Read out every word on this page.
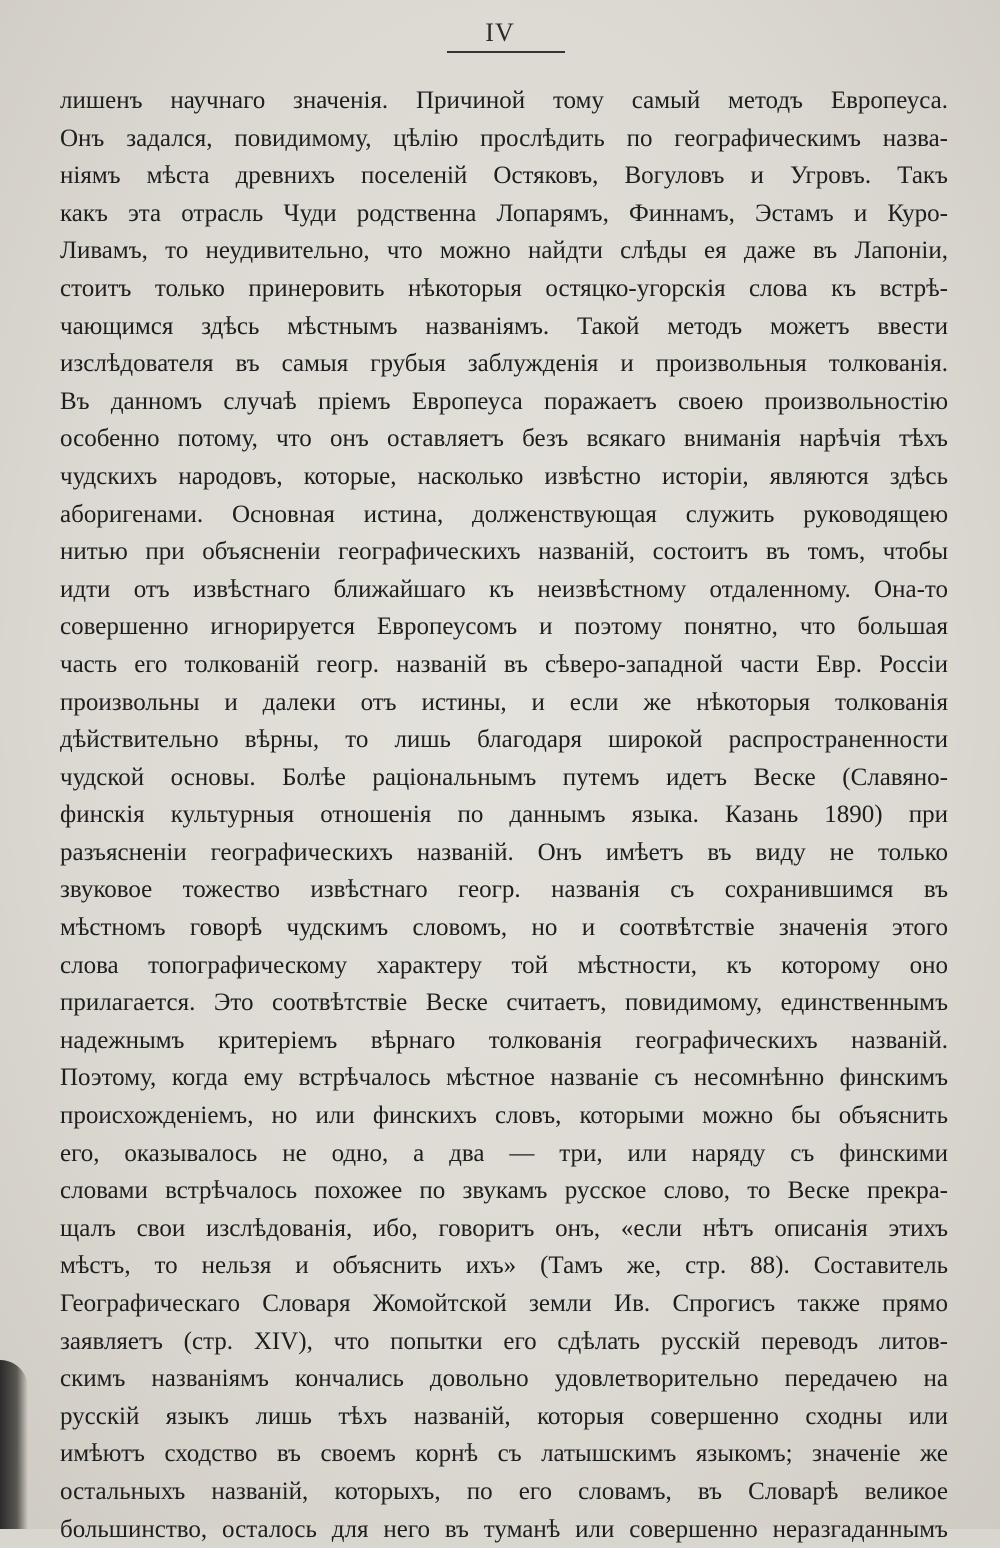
IV
лишенъ научнаго значенія. Причиной тому самый методъ Европеуса.
Онъ задался, повидимому, цѣлію прослѣдить по географическимъ назва-
ніямъ мѣста древнихъ поселеній Остяковъ, Вогуловъ и Угровъ. Такъ
какъ эта отрасль Чуди родственна Лопарямъ, Финнамъ, Эстамъ и Куро-
Ливамъ, то неудивительно, что можно найдти слѣды ея даже въ Лапоніи,
стоитъ только принеровить нѣкоторыя остяцко-угорскія слова къ встрѣ-
чающимся здѣсь мѣстнымъ названіямъ. Такой методъ можетъ ввести
изслѣдователя въ самыя грубыя заблужденія и произвольныя толкованія.
Въ данномъ случаѣ пріемъ Европеуса поражаетъ своею произвольностію
особенно потому, что онъ оставляетъ безъ всякаго вниманія нарѣчія тѣхъ
чудскихъ народовъ, которые, насколько извѣстно исторіи, являются здѣсь
аборигенами. Основная истина, долженствующая служить руководящею
нитью при объясненіи географическихъ названій, состоитъ въ томъ, чтобы
идти отъ извѣстнаго ближайшаго къ неизвѣстному отдаленному. Она-то
совершенно игнорируется Европеусомъ и поэтому понятно, что большая
часть его толкованій геогр. названій въ сѣверо-западной части Евр. Россіи
произвольны и далеки отъ истины, и если же нѣкоторыя толкованія
дѣйствительно вѣрны, то лишь благодаря широкой распространенности
чудской основы. Болѣе раціональнымъ путемъ идетъ Веске (Славяно-
финскія культурныя отношенія по даннымъ языка. Казань 1890) при
разъясненіи географическихъ названій. Онъ имѣетъ въ виду не только
звуковое тожество извѣстнаго геогр. названія съ сохранившимся въ
мѣстномъ говорѣ чудскимъ словомъ, но и соотвѣтствіе значенія этого
слова топографическому характеру той мѣстности, къ которому оно
прилагается. Это соотвѣтствіе Веске считаетъ, повидимому, единственнымъ
надежнымъ критеріемъ вѣрнаго толкованія географическихъ названій.
Поэтому, когда ему встрѣчалось мѣстное названіе съ несомнѣнно финскимъ
происхожденіемъ, но или финскихъ словъ, которыми можно бы объяснить
его, оказывалось не одно, а два — три, или наряду съ финскими
словами встрѣчалось похожее по звукамъ русское слово, то Веске прекра-
щалъ свои изслѣдованія, ибо, говоритъ онъ, «если нѣтъ описанія этихъ
мѣстъ, то нельзя и объяснить ихъ» (Тамъ же, стр. 88). Составитель
Географическаго Словаря Жомойтской земли Ив. Спрогисъ также прямо
заявляетъ (стр. XIV), что попытки его сдѣлать русскій переводъ литов-
скимъ названіямъ кончались довольно удовлетворительно передачею на
русскій языкъ лишь тѣхъ названій, которыя совершенно сходны или
имѣютъ сходство въ своемъ корнѣ съ латышскимъ языкомъ; значеніе же
остальныхъ названій, которыхъ, по его словамъ, въ Словарѣ великое
большинство, осталось для него въ туманѣ или совершенно неразгаданнымъ
